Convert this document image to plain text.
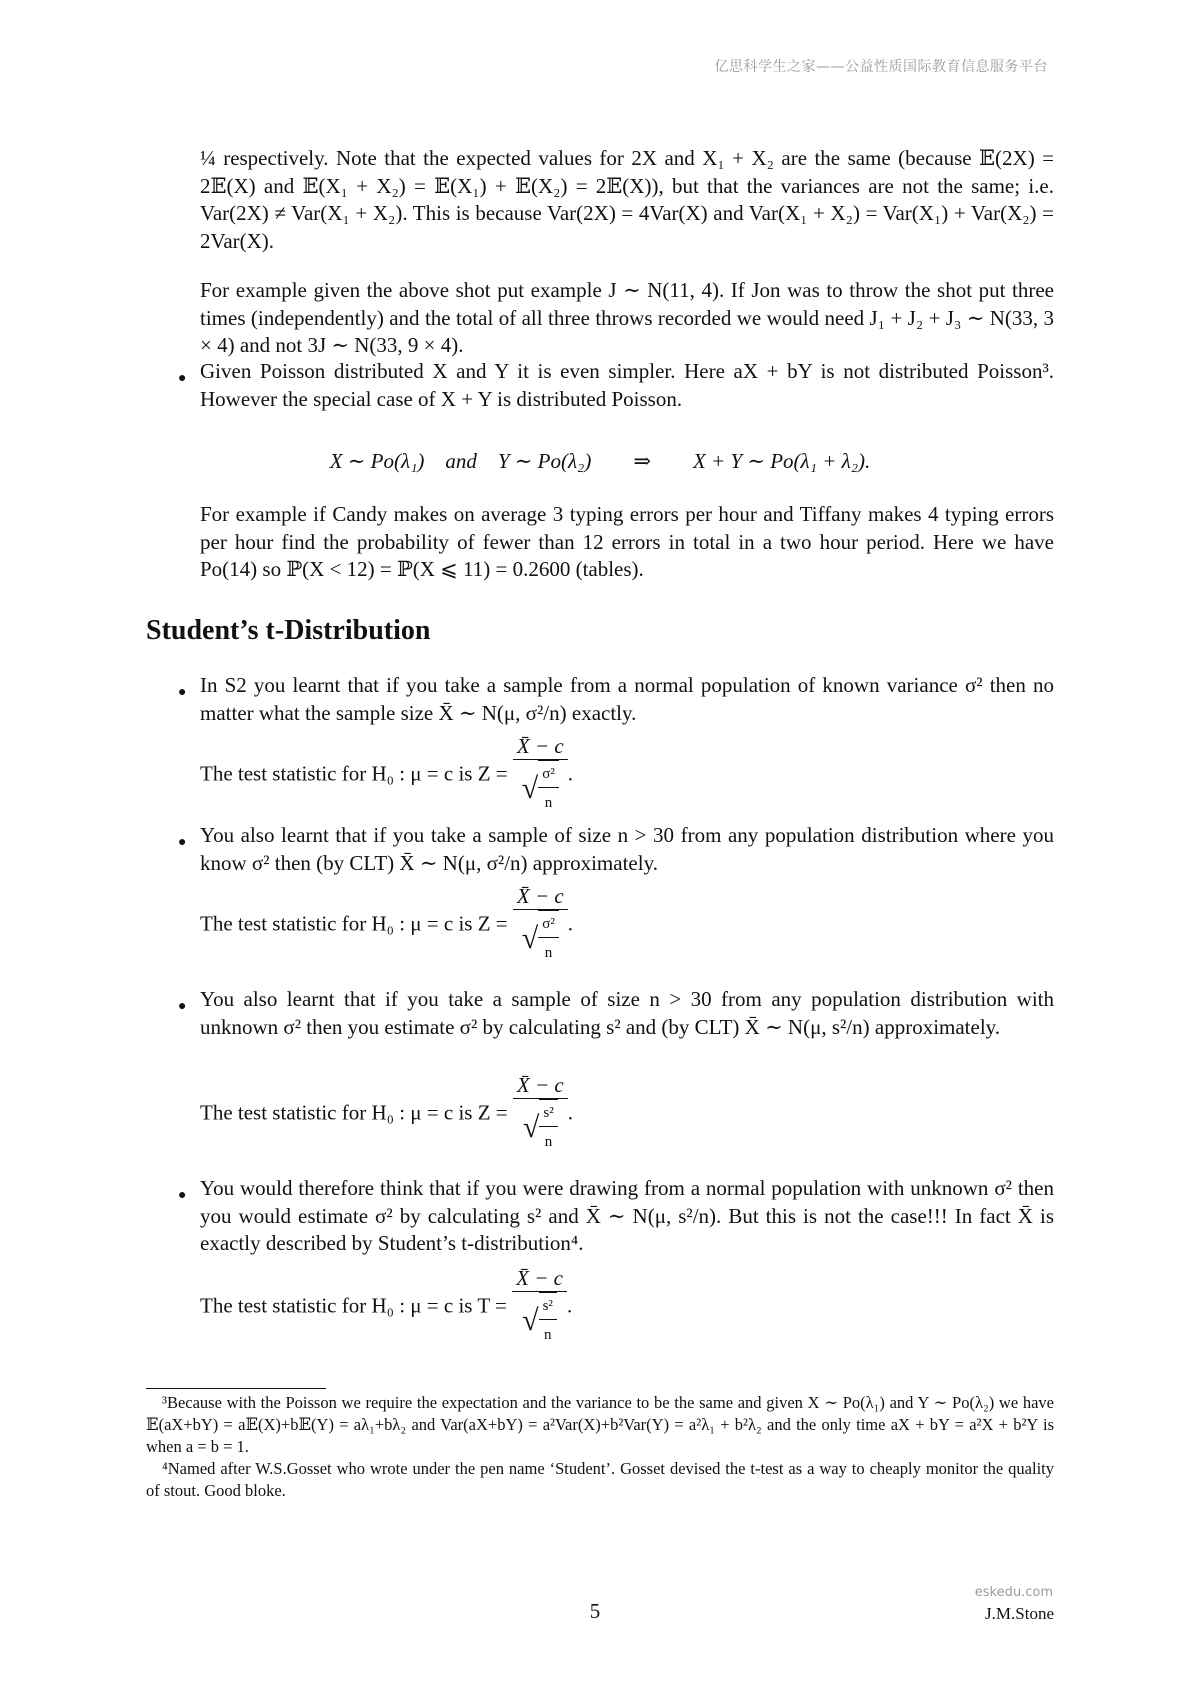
亿思科学生之家——公益性质国际教育信息服务平台

¼ respectively. Note that the expected values for 2X and X₁ + X₂ are the same (because 𝔼(2X) = 2𝔼(X) and 𝔼(X₁ + X₂) = 𝔼(X₁) + 𝔼(X₂) = 2𝔼(X)), but that the variances are not the same; i.e. Var(2X) ≠ Var(X₁ + X₂). This is because Var(2X) = 4Var(X) and Var(X₁ + X₂) = Var(X₁) + Var(X₂) = 2Var(X).

For example given the above shot put example J ∼ N(11, 4). If Jon was to throw the shot put three times (independently) and the total of all three throws recorded we would need J₁ + J₂ + J₃ ∼ N(33, 3 × 4) and not 3J ∼ N(33, 9 × 4).

● Given Poisson distributed X and Y it is even simpler. Here aX + bY is not distributed Poisson³. However the special case of X + Y is distributed Poisson.

X ∼ Po(λ₁)    and    Y ∼ Po(λ₂)        ⇒        X + Y ∼ Po(λ₁ + λ₂).

For example if Candy makes on average 3 typing errors per hour and Tiffany makes 4 typing errors per hour find the probability of fewer than 12 errors in total in a two hour period. Here we have Po(14) so ℙ(X < 12) = ℙ(X ⩽ 11) = 0.2600 (tables).

Student’s t-Distribution
● In S2 you learnt that if you take a sample from a normal population of known variance σ² then no matter what the sample size X̄ ∼ N(μ, σ²/n) exactly.

The test statistic for H₀ : μ = c is $Z = \frac{X̄ - c}{√ \frac{\text{σ²}}{n}}$ .
● You also learnt that if you take a sample of size n > 30 from any population distribution where you know σ² then (by CLT) X̄ ∼ N(μ, σ²/n) approximately.

The test statistic for H₀ : μ = c is $Z = \frac{X̄ - c}{√ \frac{\text{σ²}}{n}}$ .
● You also learnt that if you take a sample of size n > 30 from any population distribution with unknown σ² then you estimate σ² by calculating s² and (by CLT) X̄ ∼ N(μ, s²/n) approximately.

The test statistic for H₀ : μ = c is $Z = \frac{X̄ - c}{√ \frac{\text{s²}}{n}}$ .
● You would therefore think that if you were drawing from a normal population with unknown σ² then you would estimate σ² by calculating s² and X̄ ∼ N(μ, s²/n). But this is not the case!!! In fact X̄ is exactly described by Student’s t-distribution⁴.

The test statistic for H₀ : μ = c is $T = \frac{X̄ - c}{√ \frac{\text{s²}}{n}}$ .

³Because with the Poisson we require the expectation and the variance to be the same and given X ∼ Po(λ₁) and Y ∼ Po(λ₂) we have 𝔼(aX+bY) = a𝔼(X)+b𝔼(Y) = aλ₁+bλ₂ and Var(aX+bY) = a²Var(X)+b²Var(Y) = a²λ₁ + b²λ₂ and the only time aX + bY = a²X + b²Y is when a = b = 1.

⁴Named after W.S.Gosset who wrote under the pen name ‘Student’. Gosset devised the t-test as a way to cheaply monitor the quality of stout. Good bloke.

5
eskedu.com
J.M.Stone
